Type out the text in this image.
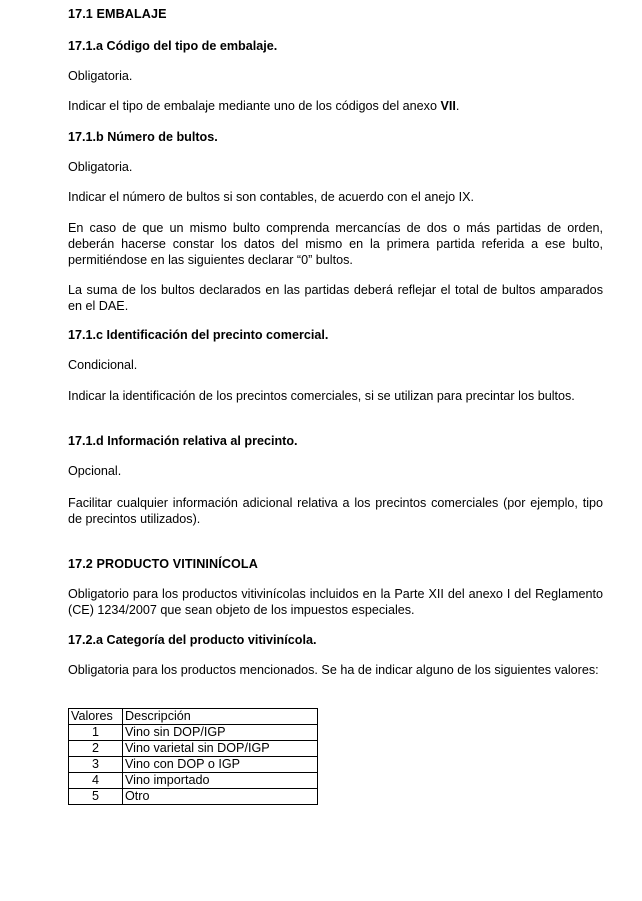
17.1 EMBALAJE

17.1.a Código del tipo de embalaje.

Obligatoria.

Indicar el tipo de embalaje mediante uno de los códigos del anexo VII.

17.1.b Número de bultos.

Obligatoria.

Indicar el número de bultos si son contables, de acuerdo con el anejo IX.

En caso de que un mismo bulto comprenda mercancías de dos o más partidas de orden, deberán hacerse constar los datos del mismo en la primera partida referida a ese bulto, permitiéndose en las siguientes declarar “0” bultos.

La suma de los bultos declarados en las partidas deberá reflejar el total de bultos amparados en el DAE.

17.1.c Identificación del precinto comercial.

Condicional.

Indicar la identificación de los precintos comerciales, si se utilizan para precintar los bultos.

17.1.d Información relativa al precinto.

Opcional.

Facilitar cualquier información adicional relativa a los precintos comerciales (por ejemplo, tipo de precintos utilizados).

17.2 PRODUCTO VITININÍCOLA

Obligatorio para los productos vitivinícolas incluidos en la Parte XII del anexo I del Reglamento (CE) 1234/2007 que sean objeto de los impuestos especiales.

17.2.a Categoría del producto vitivinícola.

Obligatoria para los productos mencionados. Se ha de indicar alguno de los siguientes valores:

Valores	Descripción
1	Vino sin DOP/IGP
2	Vino varietal sin DOP/IGP
3	Vino con DOP o IGP
4	Vino importado
5	Otro
